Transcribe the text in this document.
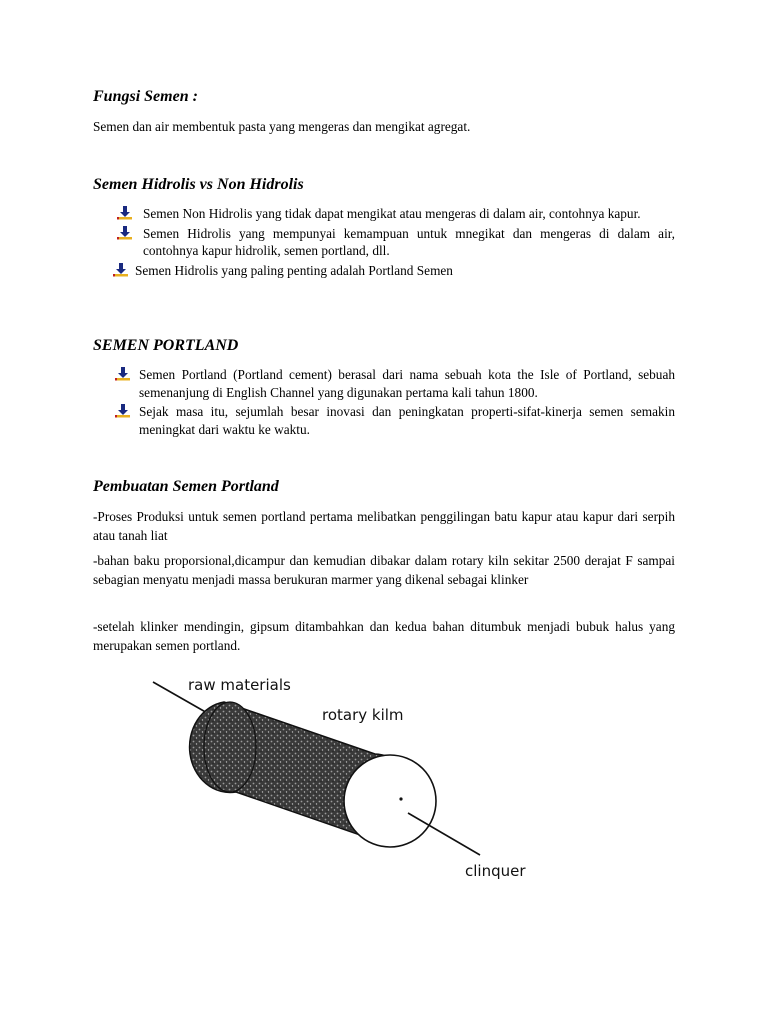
Fungsi Semen :

Semen dan air membentuk pasta yang mengeras dan mengikat agregat.

Semen Hidrolis vs Non Hidrolis
Semen Non Hidrolis yang tidak dapat mengikat atau mengeras di dalam air, contohnya kapur.
Semen Hidrolis yang mempunyai kemampuan untuk mnegikat dan mengeras di dalam air, contohnya kapur hidrolik, semen portland, dll.
Semen Hidrolis yang paling penting adalah Portland Semen
SEMEN PORTLAND
Semen Portland (Portland cement) berasal dari nama sebuah kota the Isle of Portland, sebuah semenanjung di English Channel yang digunakan pertama kali tahun 1800.
Sejak masa itu, sejumlah besar inovasi dan peningkatan properti-sifat-kinerja semen semakin meningkat dari waktu ke waktu.
Pembuatan Semen Portland

-Proses Produksi untuk semen portland pertama melibatkan penggilingan batu kapur atau kapur dari serpih atau tanah liat

-bahan baku proporsional,dicampur dan kemudian dibakar dalam rotary kiln sekitar 2500 derajat F sampai sebagian menyatu menjadi massa berukuran marmer yang dikenal sebagai klinker

-setelah klinker mendingin, gipsum ditambahkan dan kedua bahan ditumbuk menjadi bubuk halus yang merupakan semen portland.

raw materials
rotary kilm
clinquer
